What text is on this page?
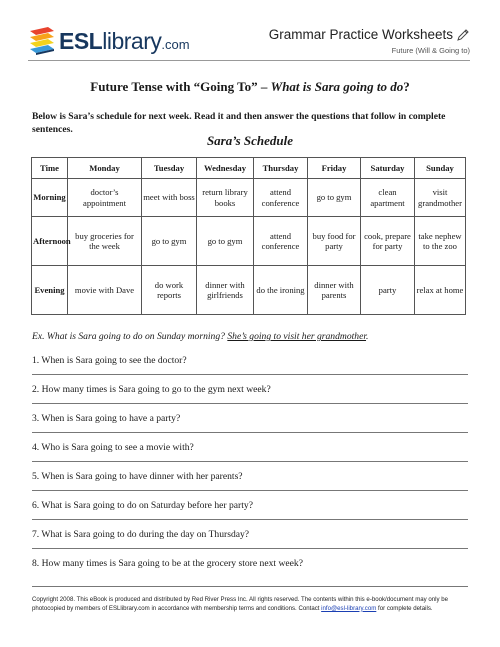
ESLlibrary.com
Grammar Practice Worksheets
Future (Will & Going to)
Future Tense with “Going To” – What is Sara going to do?
Below is Sara’s schedule for next week. Read it and then answer the questions that follow in complete sentences.
Sara’s Schedule
Time	Monday	Tuesday	Wednesday	Thursday	Friday	Saturday	Sunday
Morning	doctor’s appointment	meet with boss	return library books	attend conference	go to gym	clean apartment	visit grandmother
Afternoon	buy groceries for the week	go to gym	go to gym	attend conference	buy food for party	cook, prepare for party	take nephew to the zoo
Evening	movie with Dave	do work reports	dinner with girlfriends	do the ironing	dinner with parents	party	relax at home
Ex. What is Sara going to do on Sunday morning? She’s going to visit her grandmother.
1. When is Sara going to see the doctor?
2. How many times is Sara going to go to the gym next week?
3. When is Sara going to have a party?
4. Who is Sara going to see a movie with?
5. When is Sara going to have dinner with her parents?
6. What is Sara going to do on Saturday before her party?
7. What is Sara going to do during the day on Thursday?
8. How many times is Sara going to be at the grocery store next week?
Copyright 2008. This eBook is produced and distributed by Red River Press Inc. All rights reserved. The contents within this e-book/document may only be photocopied by members of ESLlibrary.com in accordance with membership terms and conditions. Contact info@esl-library.com for complete details.
